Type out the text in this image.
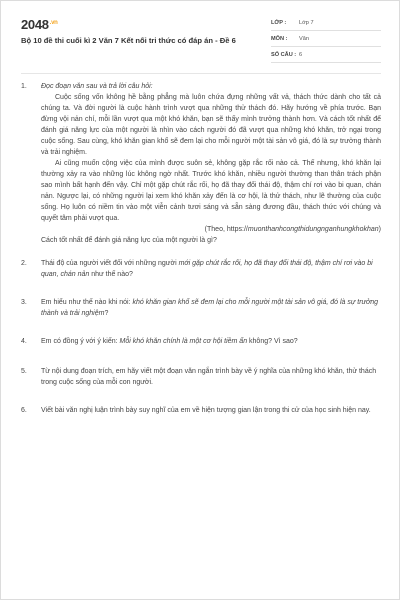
$2048^{.vn}$
Bộ 10 đề thi cuối kì 2 Văn 7 Kết nối tri thức có đáp án - Đề 6
LỚP :	Lớp 7
MÔN :	Văn
SỐ CÂU : 6
1.	Đọc đoạn văn sau và trả lời câu hỏi:
Cuộc sống vốn không hề bằng phẳng mà luôn chứa đựng những vất vả, thách thức dành cho tất cả chúng ta. Và đời người là cuộc hành trình vượt qua những thử thách đó. Hãy hướng về phía trước. Bạn đừng vội nản chí, mỗi lần vượt qua một khó khăn, bạn sẽ thấy mình trưởng thành hơn. Và cách tốt nhất để đánh giá năng lực của một người là nhìn vào cách người đó đã vượt qua những khó khăn, trở ngại trong cuộc sống. Sau cùng, khó khăn gian khổ sẽ đem lại cho mỗi người một tài sản vô giá, đó là sự trưởng thành và trải nghiệm.
Ai cũng muốn cộng việc của mình được suôn sẻ, không gặp rắc rối nào cả. Thế nhưng, khó khăn lại thường xảy ra vào những lúc không ngờ nhất. Trước khó khăn, nhiều người thường than thân trách phận sao mình bất hạnh đến vậy. Chỉ một gặp chút rắc rối, họ đã thay đổi thái độ, thậm chí rơi vào bi quan, chán nản. Ngược lại, có những người lại xem khó khăn xảy đến là cơ hội, là thử thách, như lẽ thường của cuộc sống. Họ luôn có niềm tin vào một viễn cảnh tươi sáng và sẵn sàng đương đầu, thách thức với chúng và quyết tâm phải vượt qua.
(Theo, https://muonthanhcongthidungnganhungkhokhan)
Cách tốt nhất để đánh giá năng lực của một người là gì?
2.	Thái độ của người viết đối với những người mới gặp chút rắc rối, họ đã thay đổi thái độ, thậm chí rơi vào bi quan, chán nản như thế nào?
3.	Em hiểu như thế nào khi nói: khó khăn gian khổ sẽ đem lại cho mỗi người một tài sản vô giá, đó là sự trưởng thành và trải nghiệm?
4.	Em có đồng ý với ý kiến: Mỗi khó khăn chính là một cơ hội tiềm ẩn không? Vì sao?
5.	Từ nội dung đoạn trích, em hãy viết một đoạn văn ngắn trình bày về ý nghĩa của những khó khăn, thử thách trong cuộc sống của mỗi con người.
6.	Viết bài văn nghị luận trình bày suy nghĩ của em về hiện tượng gian lận trong thi cử của học sinh hiện nay.
